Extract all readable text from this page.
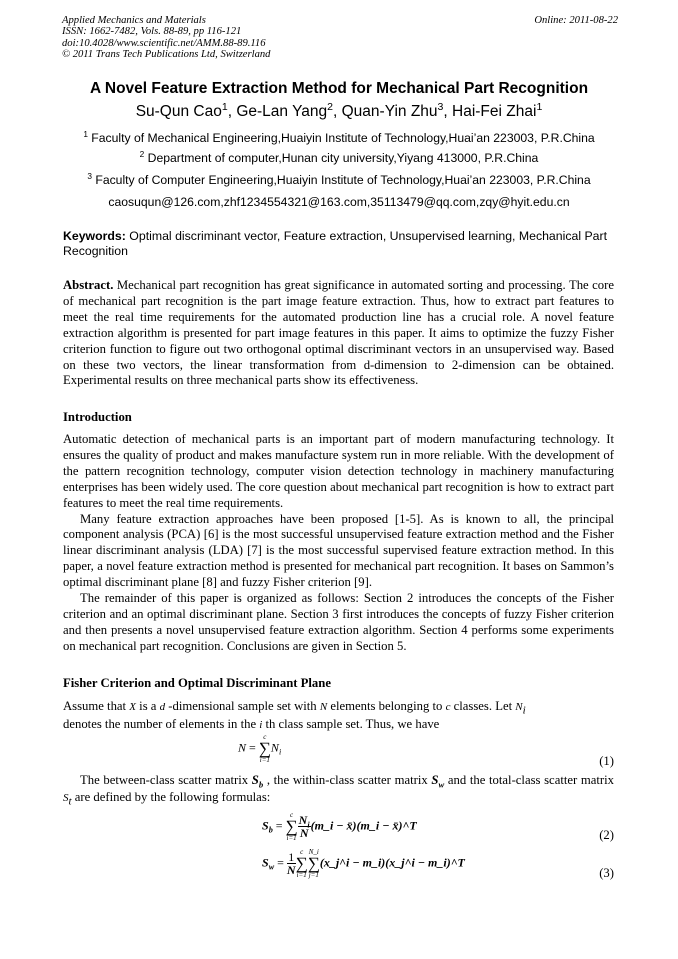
Applied Mechanics and Materials
ISSN: 1662-7482, Vols. 88-89, pp 116-121
doi:10.4028/www.scientific.net/AMM.88-89.116
© 2011 Trans Tech Publications Ltd, Switzerland
Online: 2011-08-22
A Novel Feature Extraction Method for Mechanical Part Recognition
Su-Qun Cao$^1$, Ge-Lan Yang$^2$, Quan-Yin Zhu$^3$, Hai-Fei Zhai$^1$
$^1$ Faculty of Mechanical Engineering,Huaiyin Institute of Technology,Huai’an 223003, P.R.China
$^2$ Department of computer,Hunan city university,Yiyang 413000, P.R.China
$^3$ Faculty of Computer Engineering,Huaiyin Institute of Technology,Huai’an 223003, P.R.China
caosuqun@126.com,zhf1234554321@163.com,35113479@qq.com,zqy@hyit.edu.cn
Keywords: Optimal discriminant vector, Feature extraction, Unsupervised learning, Mechanical Part Recognition
Abstract. Mechanical part recognition has great significance in automated sorting and processing. The core of mechanical part recognition is the part image feature extraction. Thus, how to extract part features to meet the real time requirements for the automated production line has a crucial role. A novel feature extraction algorithm is presented for part image features in this paper. It aims to optimize the fuzzy Fisher criterion function to figure out two orthogonal optimal discriminant vectors in an unsupervised way. Based on these two vectors, the linear transformation from d-dimension to 2-dimension can be obtained. Experimental results on three mechanical parts show its effectiveness.
Introduction

Automatic detection of mechanical parts is an important part of modern manufacturing technology. It ensures the quality of product and makes manufacture system run in more reliable. With the development of the pattern recognition technology, computer vision detection technology in machinery manufacturing enterprises has been widely used. The core question about mechanical part recognition is how to extract part features to meet the real time requirements.

Many feature extraction approaches have been proposed [1-5]. As is known to all, the principal component analysis (PCA) [6] is the most successful unsupervised feature extraction method and the Fisher linear discriminant analysis (LDA) [7] is the most successful supervised feature extraction method. In this paper, a novel feature extraction method is presented for mechanical part recognition. It bases on Sammon’s optimal discriminant plane [8] and fuzzy Fisher criterion [9].

The remainder of this paper is organized as follows: Section 2 introduces the concepts of the Fisher criterion and an optimal discriminant plane. Section 3 first introduces the concepts of fuzzy Fisher criterion and then presents a novel unsupervised feature extraction algorithm. Section 4 performs some experiments on mechanical part recognition. Conclusions are given in Section 5.

Fisher Criterion and Optimal Discriminant Plane
Assume that X is a d -dimensional sample set with N elements belonging to c classes. Let $N_i$
denotes the number of elements in the i th class sample set. Thus, we have
N =
c
∑
i=1
$N_i$
(1)
The between-class scatter matrix $S_b$ , the within-class scatter matrix $S_w$ and the total-class scatter matrix $S_t$ are defined by the following formulas:
$S_b$ =
c
∑
$i=1 \frac{N_i}{N}$ (m_i − x̄)(m_i − x̄)^T
(2)
$S_w = \frac{1}{N}$ c
∑
i=1
N_i
∑
j=1
(x_j^i − m_i)(x_j^i − m_i)^T
(3)
